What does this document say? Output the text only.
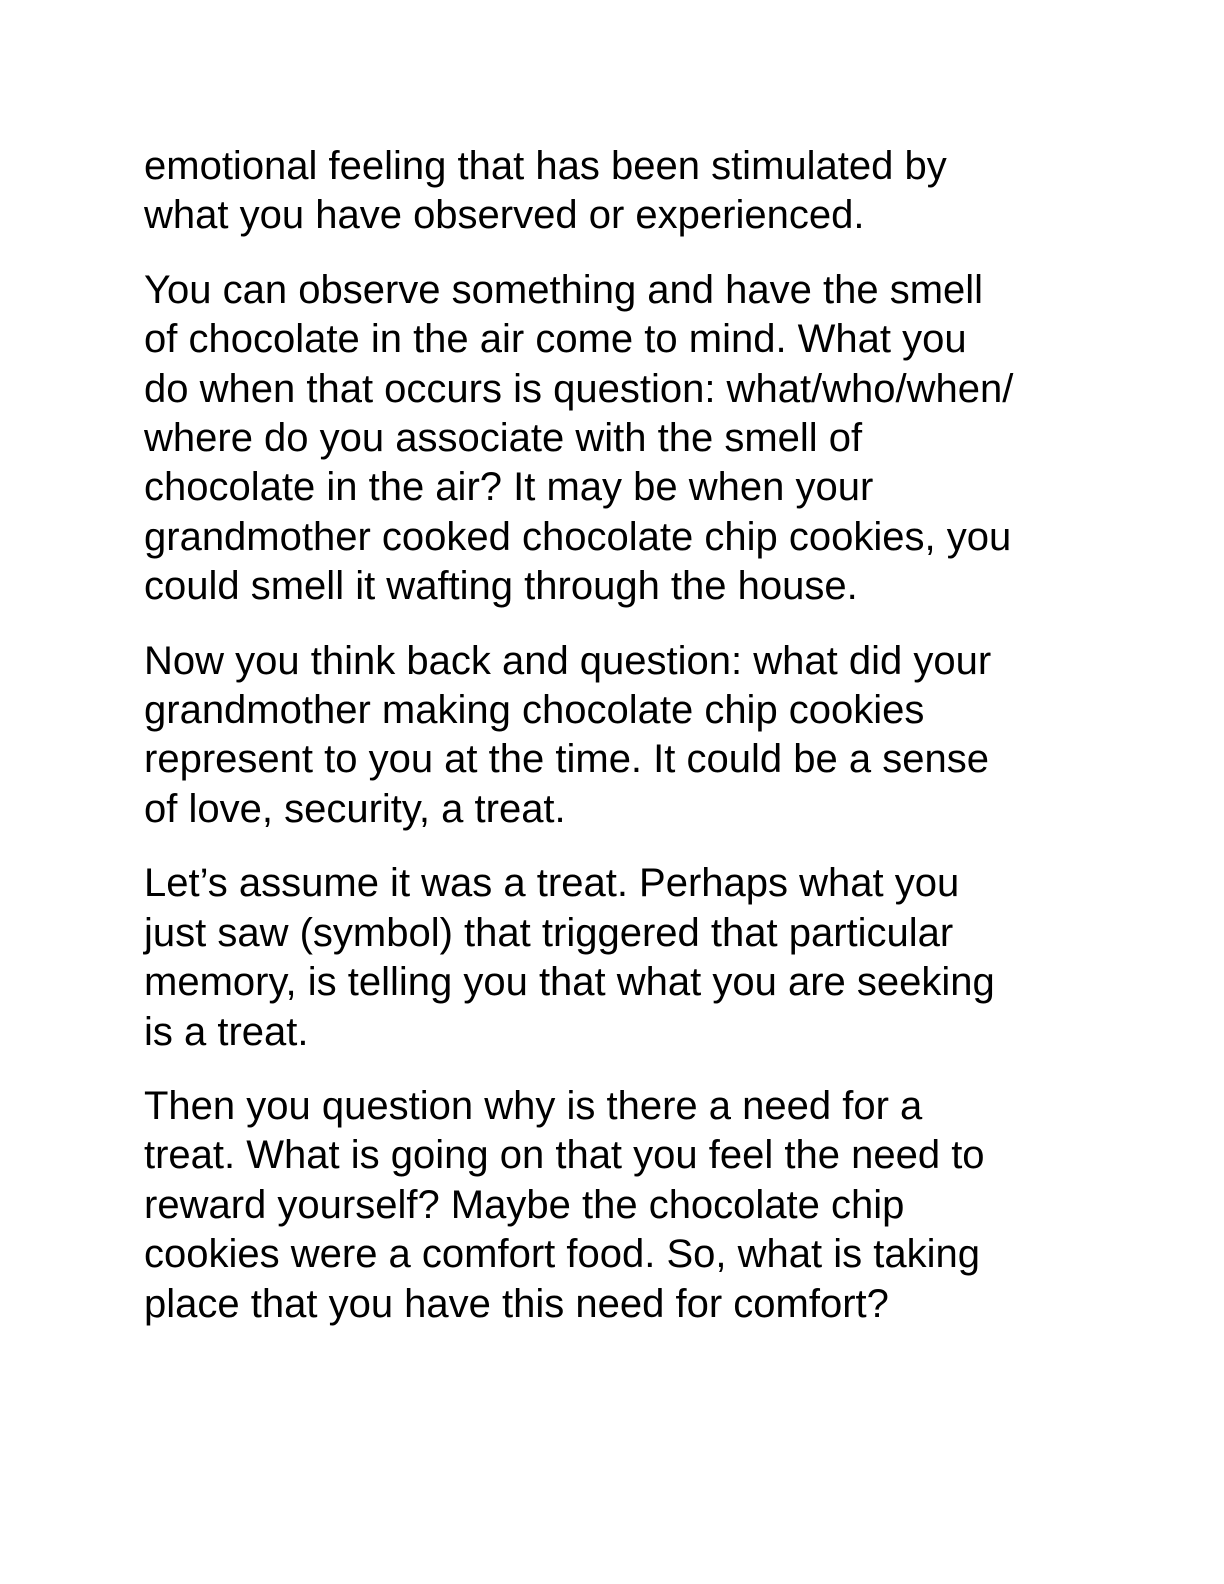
emotional feeling that has been stimulated by
what you have observed or experienced.

You can observe something and have the smell
of chocolate in the air come to mind. What you
do when that occurs is question: what/who/when/
where do you associate with the smell of
chocolate in the air? It may be when your
grandmother cooked chocolate chip cookies, you
could smell it wafting through the house.

Now you think back and question: what did your
grandmother making chocolate chip cookies
represent to you at the time. It could be a sense
of love, security, a treat.

Let’s assume it was a treat. Perhaps what you
just saw (symbol) that triggered that particular
memory, is telling you that what you are seeking
is a treat.

Then you question why is there a need for a
treat. What is going on that you feel the need to
reward yourself? Maybe the chocolate chip
cookies were a comfort food. So, what is taking
place that you have this need for comfort?
